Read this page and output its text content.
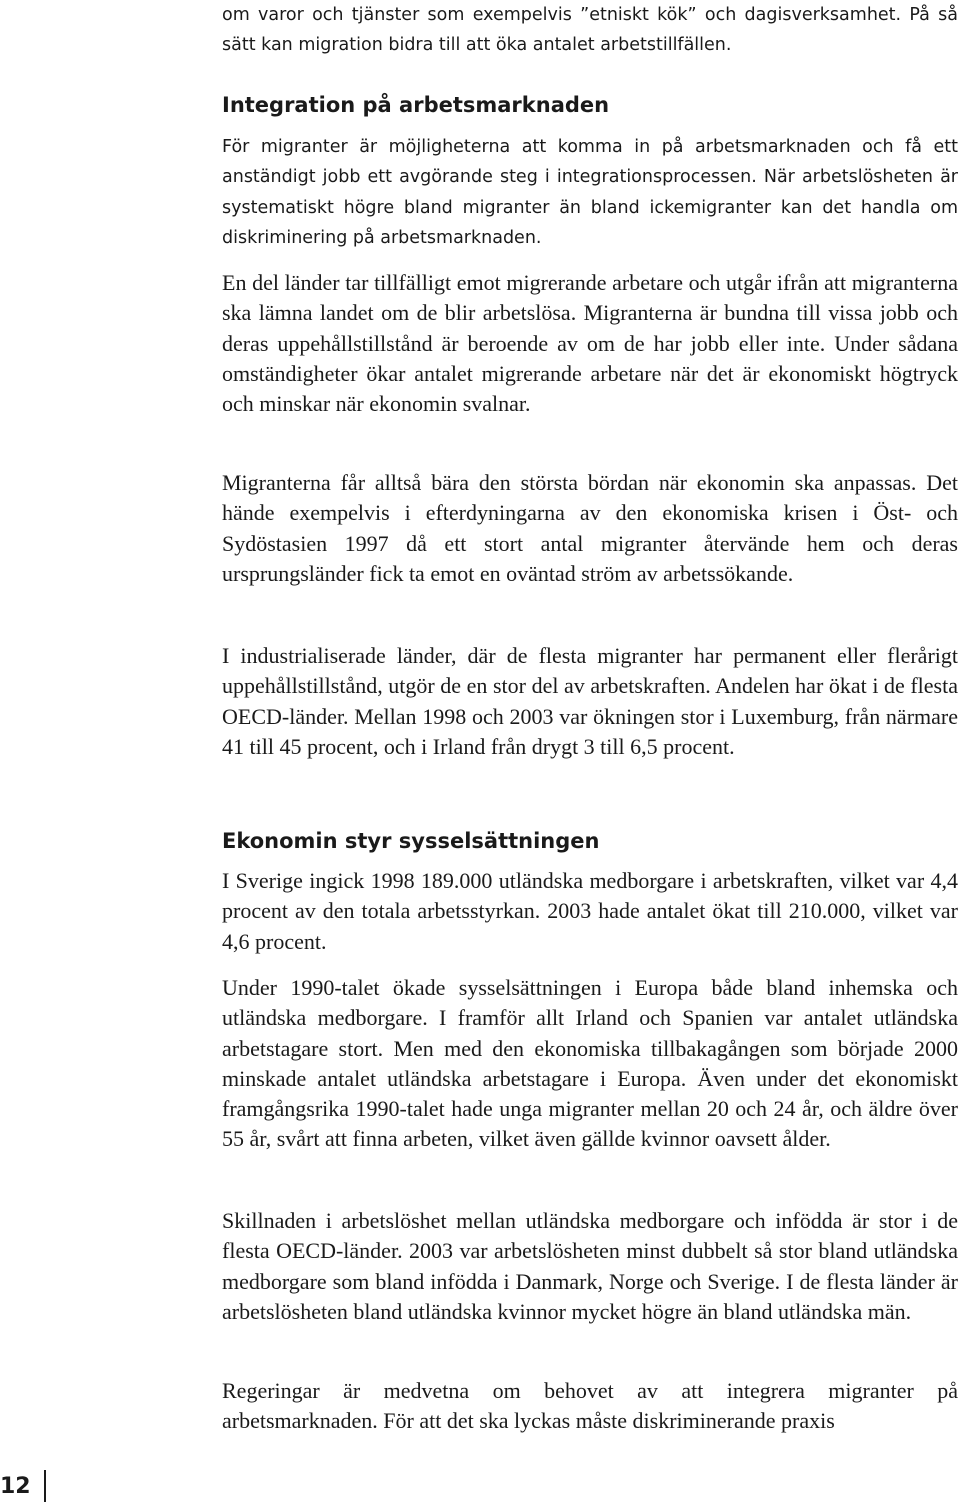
om varor och tjänster som exempelvis ”etniskt kök” och dagisverksamhet. På så sätt kan migration bidra till att öka antalet arbetstillfällen.

Integration på arbetsmarknaden

För migranter är möjligheterna att komma in på arbetsmarknaden och få ett anständigt jobb ett avgörande steg i integrationsprocessen. När arbetslösheten är systematiskt högre bland migranter än bland ickemigranter kan det handla om diskriminering på arbetsmarknaden.

En del länder tar tillfälligt emot migrerande arbetare och utgår ifrån att migranterna ska lämna landet om de blir arbetslösa. Migranterna är bundna till vissa jobb och deras uppehållstillstånd är beroende av om de har jobb eller inte. Under sådana omständigheter ökar antalet migrerande arbetare när det är ekonomiskt högtryck och minskar när ekonomin svalnar.

Migranterna får alltså bära den största bördan när ekonomin ska anpassas. Det hände exempelvis i efterdyningarna av den ekonomiska krisen i Öst- och Sydöstasien 1997 då ett stort antal migranter återvände hem och deras ursprungsländer fick ta emot en oväntad ström av arbetssökande.

I industrialiserade länder, där de flesta migranter har permanent eller flerårigt uppehållstillstånd, utgör de en stor del av arbetskraften. Andelen har ökat i de flesta OECD-länder. Mellan 1998 och 2003 var ökningen stor i Luxemburg, från närmare 41 till 45 procent, och i Irland från drygt 3 till 6,5 procent.

Ekonomin styr sysselsättningen

I Sverige ingick 1998 189.000 utländska medborgare i arbetskraften, vilket var 4,4 procent av den totala arbetsstyrkan. 2003 hade antalet ökat till 210.000, vilket var 4,6 procent.

Under 1990-talet ökade sysselsättningen i Europa både bland inhemska och utländska medborgare. I framför allt Irland och Spanien var antalet utländska arbetstagare stort. Men med den ekonomiska tillbakagången som började 2000 minskade antalet utländska arbetstagare i Europa. Även under det ekonomiskt framgångsrika 1990-talet hade unga migranter mellan 20 och 24 år, och äldre över 55 år, svårt att finna arbeten, vilket även gällde kvinnor oavsett ålder.

Skillnaden i arbetslöshet mellan utländska medborgare och infödda är stor i de flesta OECD-länder. 2003 var arbetslösheten minst dubbelt så stor bland utländska medborgare som bland infödda i Danmark, Norge och Sverige. I de flesta länder är arbetslösheten bland utländska kvinnor mycket högre än bland utländska män.

Regeringar är medvetna om behovet av att integrera migranter på arbetsmarknaden. För att det ska lyckas måste diskriminerande praxis

12
